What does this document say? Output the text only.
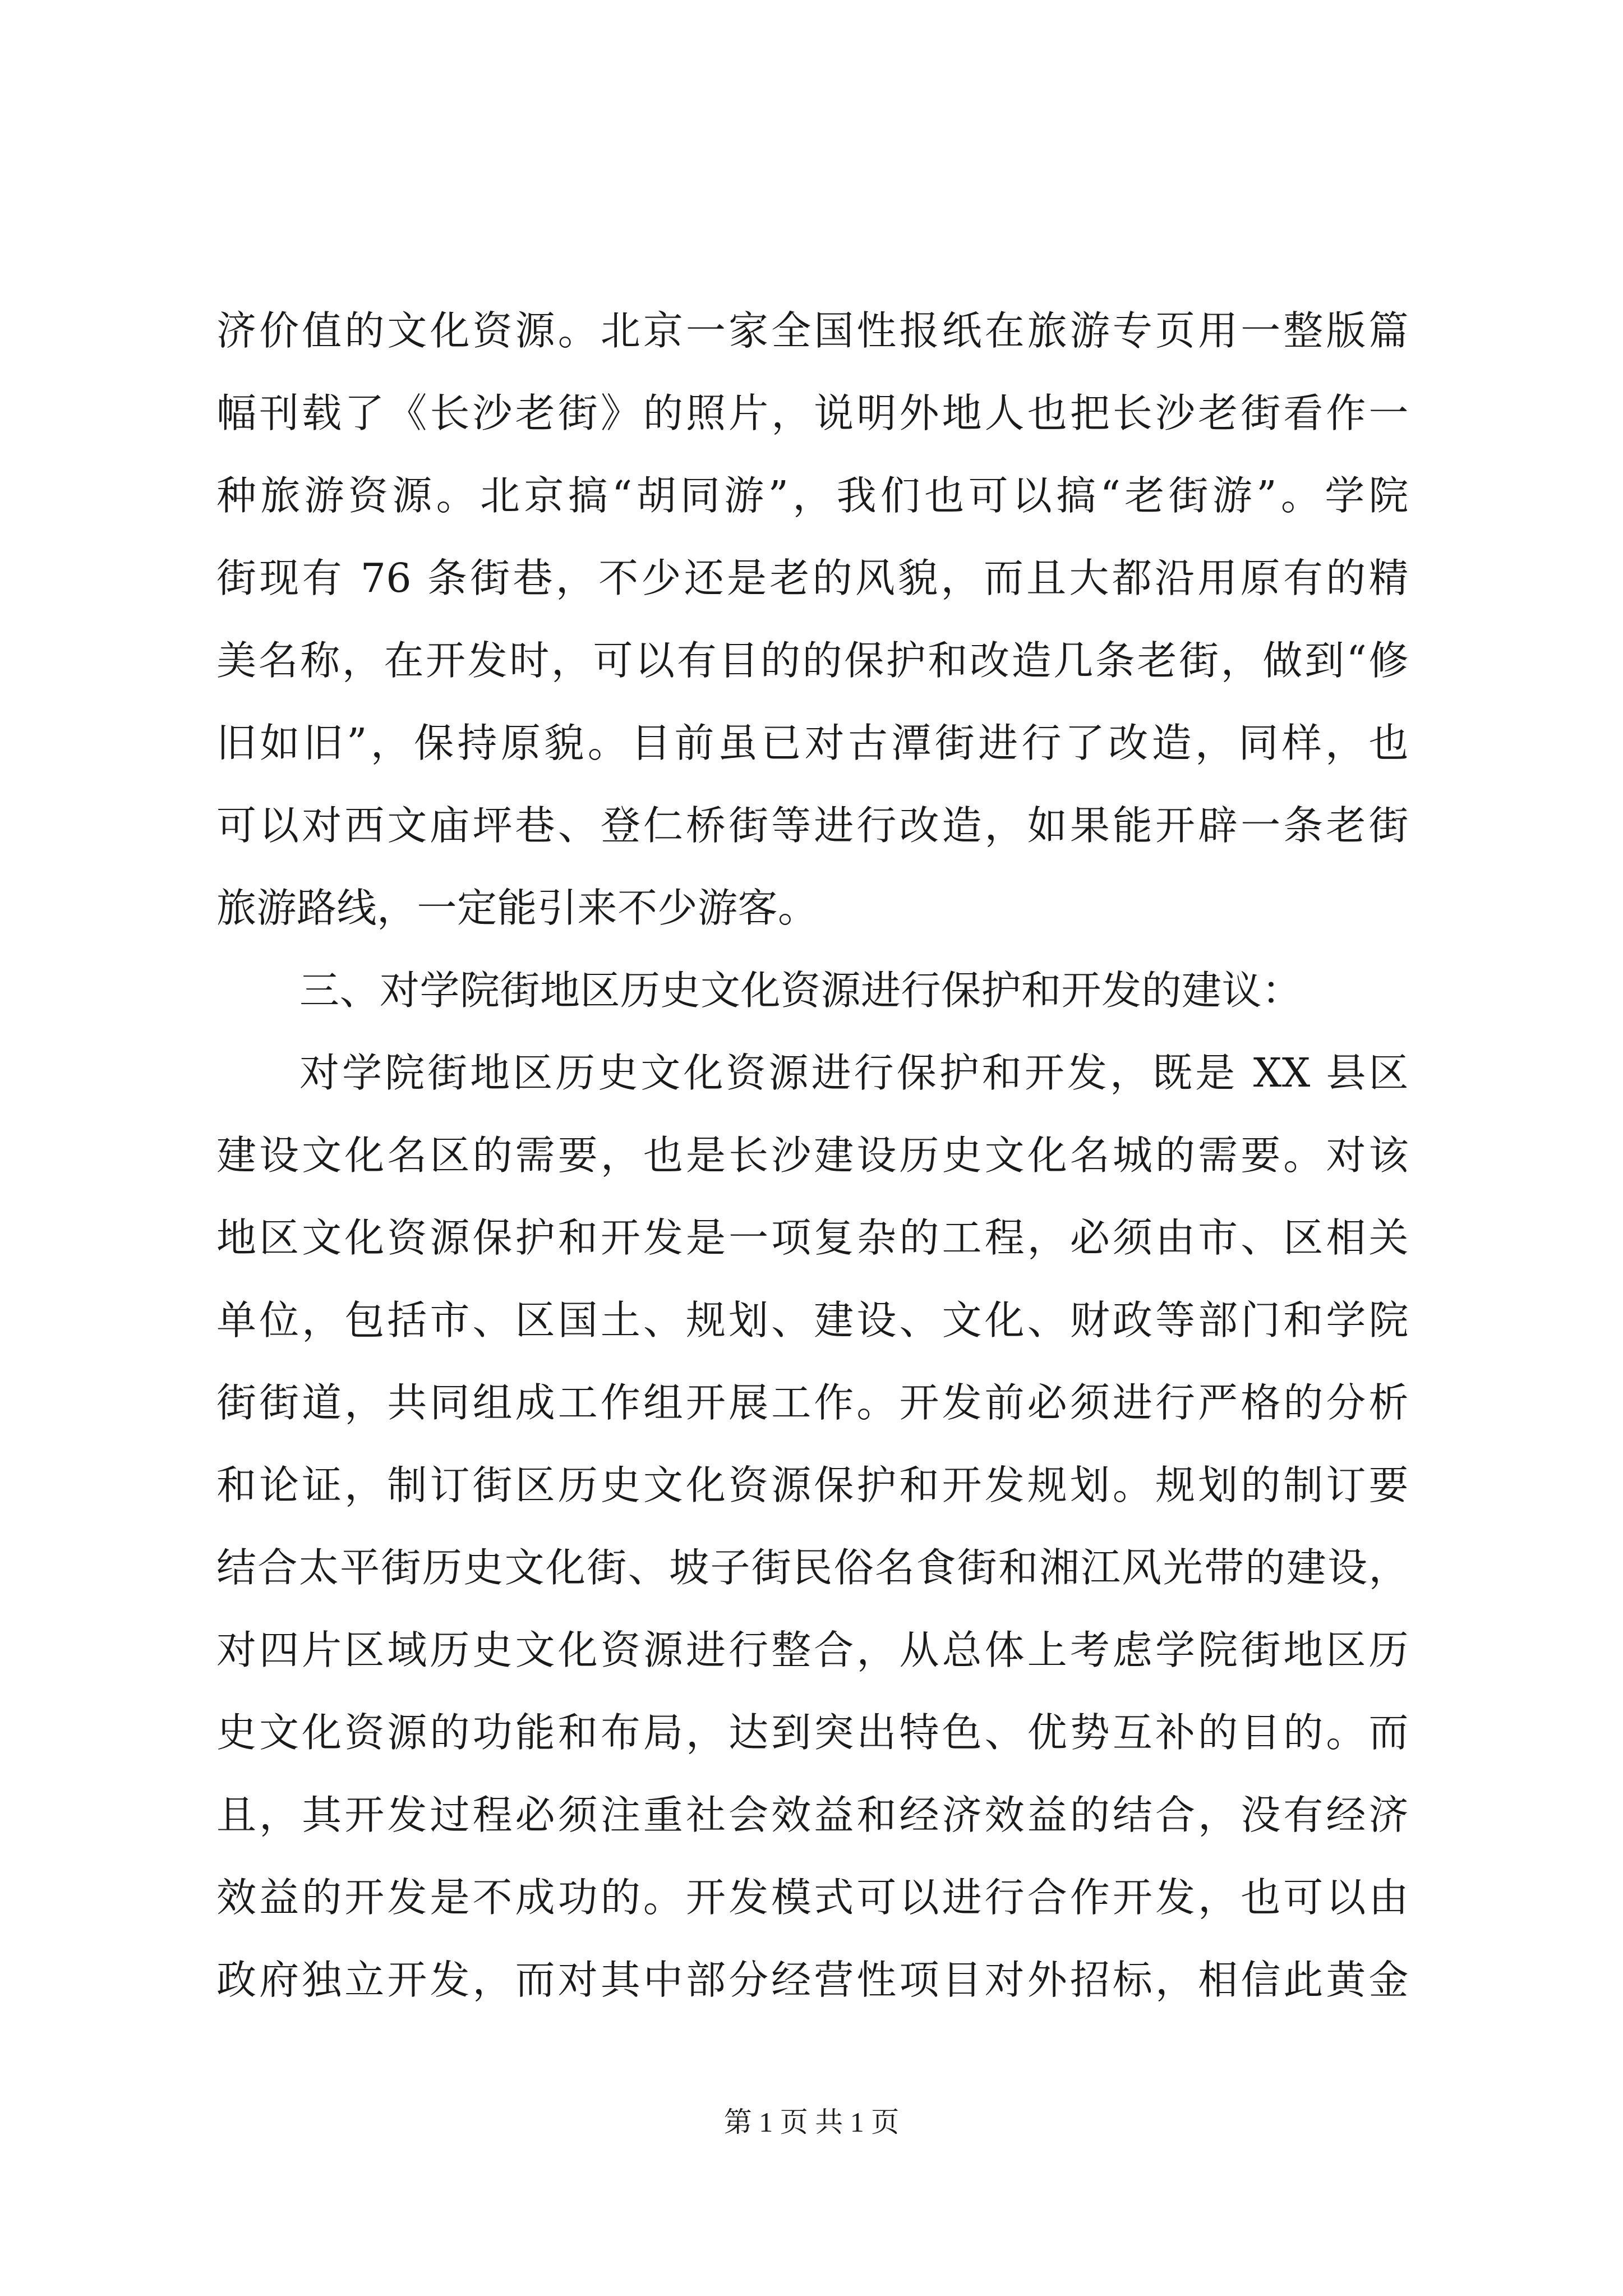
济价值的文化资源。北京一家全国性报纸在旅游专页用一整版篇
幅刊载了《长沙老街》的照片，说明外地人也把长沙老街看作一
种旅游资源。北京搞“胡同游”，我们也可以搞“老街游”。学院
街现有 76 条街巷，不少还是老的风貌，而且大都沿用原有的精
美名称，在开发时，可以有目的的保护和改造几条老街，做到“修
旧如旧”，保持原貌。目前虽已对古潭街进行了改造，同样，也
可以对西文庙坪巷、登仁桥街等进行改造，如果能开辟一条老街
旅游路线，一定能引来不少游客。
三、对学院街地区历史文化资源进行保护和开发的建议：
对学院街地区历史文化资源进行保护和开发，既是 XX 县区
建设文化名区的需要，也是长沙建设历史文化名城的需要。对该
地区文化资源保护和开发是一项复杂的工程，必须由市、区相关
单位，包括市、区国土、规划、建设、文化、财政等部门和学院
街街道，共同组成工作组开展工作。开发前必须进行严格的分析
和论证，制订街区历史文化资源保护和开发规划。规划的制订要
结合太平街历史文化街、坡子街民俗名食街和湘江风光带的建设，
对四片区域历史文化资源进行整合，从总体上考虑学院街地区历
史文化资源的功能和布局，达到突出特色、优势互补的目的。而
且，其开发过程必须注重社会效益和经济效益的结合，没有经济
效益的开发是不成功的。开发模式可以进行合作开发，也可以由
政府独立开发，而对其中部分经营性项目对外招标，相信此黄金
第 1 页 共 1 页
